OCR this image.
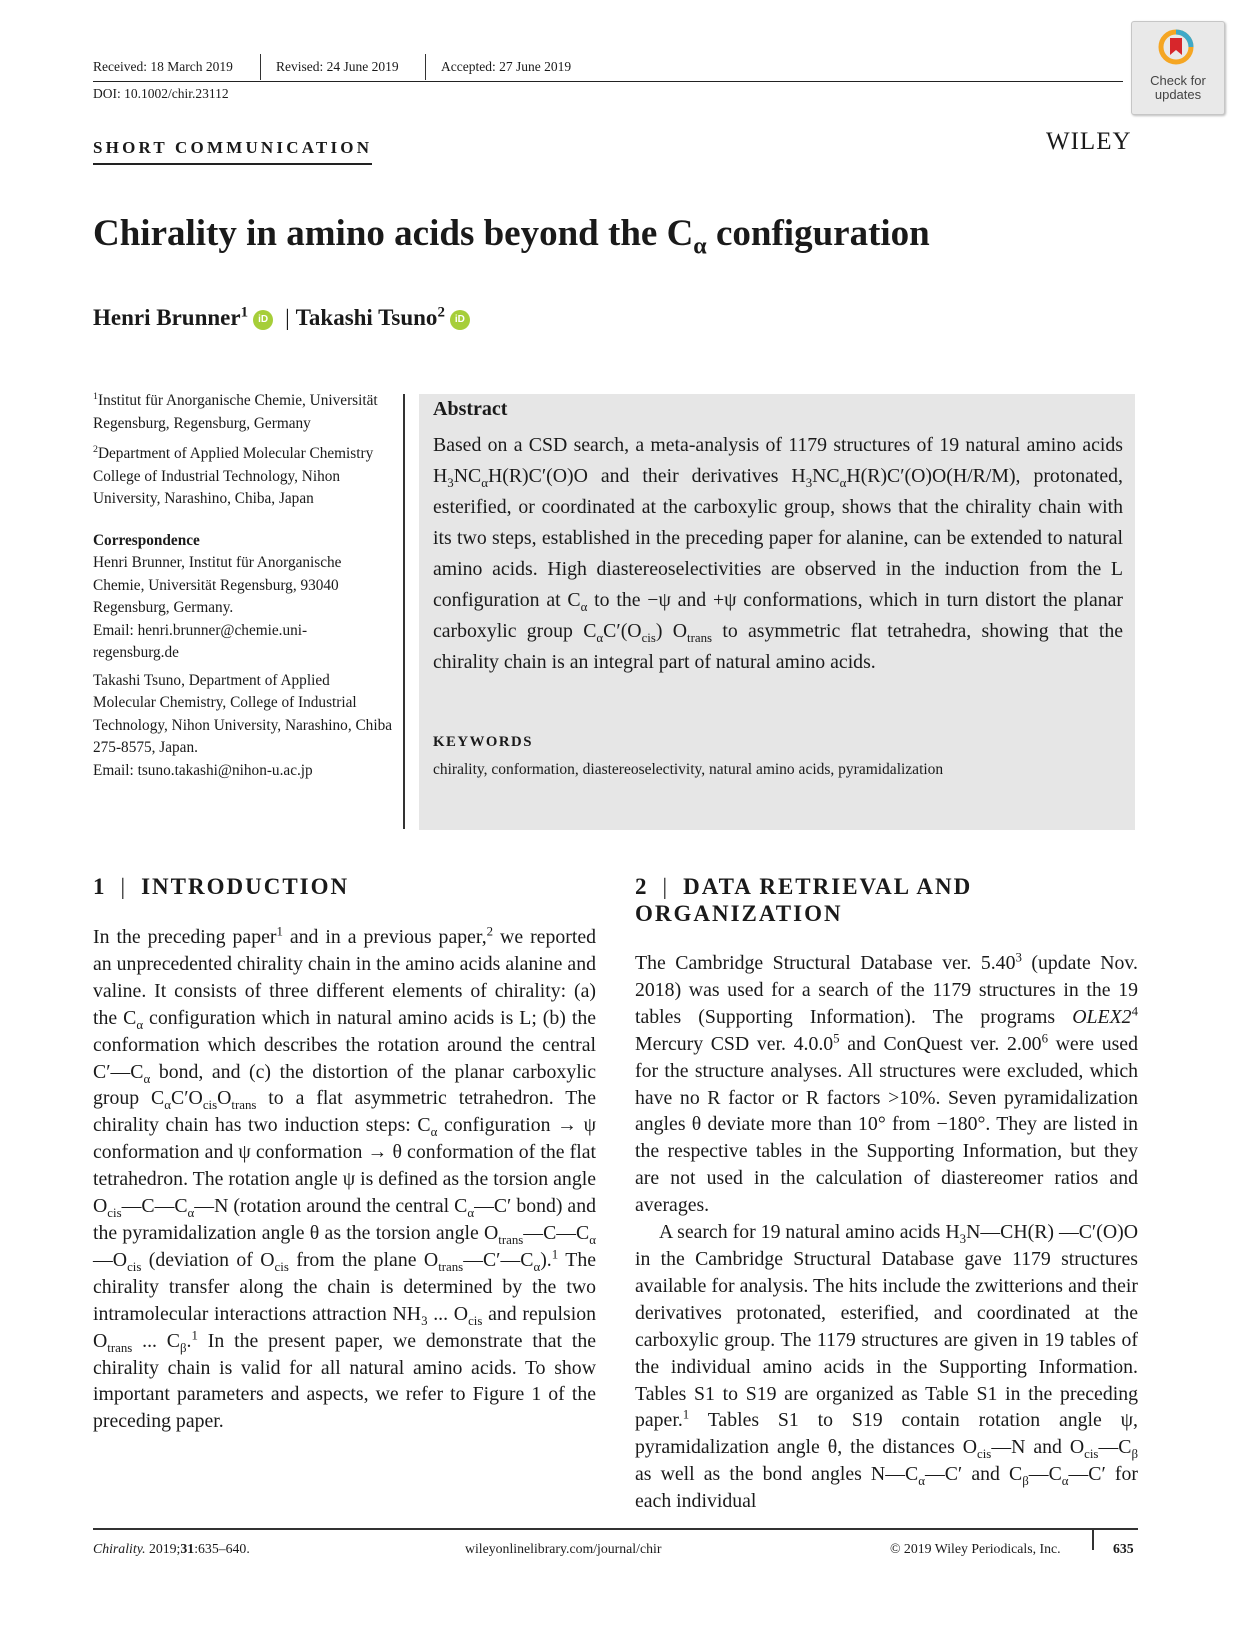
Received: 18 March 2019	Revised: 24 June 2019	Accepted: 27 June 2019
DOI: 10.1002/chir.23112
Check for updates
SHORT COMMUNICATION	WILEY
Chirality in amino acids beyond the $C_\alpha$ configuration
Henri Brunner$^1$ iD | Takashi Tsuno$^2$ iD

$^1$Institut für Anorganische Chemie, Universität Regensburg, Regensburg, Germany

$^2$Department of Applied Molecular Chemistry College of Industrial Technology, Nihon University, Narashino, Chiba, Japan

Correspondence

Henri Brunner, Institut für Anorganische Chemie, Universität Regensburg, 93040 Regensburg, Germany.
Email: henri.brunner@chemie.uni-regensburg.de

Takashi Tsuno, Department of Applied Molecular Chemistry, College of Industrial Technology, Nihon University, Narashino, Chiba 275-8575, Japan.
Email: tsuno.takashi@nihon-u.ac.jp

Abstract

Based on a CSD search, a meta-analysis of 1179 structures of 19 natural amino acids $H_3NC_\alpha H(R)C'(O)O$ and their derivatives $H_3NC_\alpha H(R)C'(O)O(H/R/M)$, protonated, esterified, or coordinated at the carboxylic group, shows that the chirality chain with its two steps, established in the preceding paper for alanine, can be extended to natural amino acids. High diastereoselectivities are observed in the induction from the L configuration at $C_\alpha$ to the −ψ and +ψ conformations, which in turn distort the planar carboxylic group $C_\alpha C'(O_{cis})$ $O_{trans}$ to asymmetric flat tetrahedra, showing that the chirality chain is an integral part of natural amino acids.

KEYWORDS
chirality, conformation, diastereoselectivity, natural amino acids, pyramidalization
1 | INTRODUCTION

In the preceding paper$^1$ and in a previous paper,$^2$ we reported an unprecedented chirality chain in the amino acids alanine and valine. It consists of three different elements of chirality: (a) the $C_\alpha$ configuration which in natural amino acids is L; (b) the conformation which describes the rotation around the central $C'—C_\alpha$ bond, and (c) the distortion of the planar carboxylic group $C_\alpha C'O_{cis}O_{trans}$ to a flat asymmetric tetrahedron. The chirality chain has two induction steps: $C_\alpha$ configuration → ψ conformation and ψ conformation → θ conformation of the flat tetrahedron. The rotation angle ψ is defined as the torsion angle $O_{cis}—C—C_\alpha—N$ (rotation around the central $C_\alpha—C'$ bond) and the pyramidalization angle θ as the torsion angle $O_{trans}—C—C_\alpha—O_{cis}$ (deviation of $O_{cis}$ from the plane $O_{trans}—C'—C_\alpha).^1$ The chirality transfer along the chain is determined by the two intramolecular interactions attraction $NH_3$ ... $O_{cis}$ and repulsion $O_{trans}$ ... $C_\beta.^1$ In the present paper, we demonstrate that the chirality chain is valid for all natural amino acids. To show important parameters and aspects, we refer to Figure 1 of the preceding paper.

2 | DATA RETRIEVAL AND ORGANIZATION

The Cambridge Structural Database ver. 5.40$^3$ (update Nov. 2018) was used for a search of the 1179 structures in the 19 tables (Supporting Information). The programs $OLEX2^4$ Mercury CSD ver. 4.0.0$^5$ and ConQuest ver. 2.00$^6$ were used for the structure analyses. All structures were excluded, which have no R factor or R factors >10%. Seven pyramidalization angles θ deviate more than 10° from −180°. They are listed in the respective tables in the Supporting Information, but they are not used in the calculation of diastereomer ratios and averages.

A search for 19 natural amino acids $H_3N—CH(R)$ —C′(O)O in the Cambridge Structural Database gave 1179 structures available for analysis. The hits include the zwitterions and their derivatives protonated, esterified, and coordinated at the carboxylic group. The 1179 structures are given in 19 tables of the individual amino acids in the Supporting Information. Tables S1 to S19 are organized as Table S1 in the preceding paper.$^1$ Tables S1 to S19 contain rotation angle ψ, pyramidalization angle θ, the distances $O_{cis}—N$ and $O_{cis}—C_\beta$ as well as the bond angles $N—C_\alpha—C'$ and $C_\beta—C_\alpha—C'$ for each individual

Chirality. 2019;31:635–640.	wileyonlinelibrary.com/journal/chir	© 2019 Wiley Periodicals, Inc.	635
